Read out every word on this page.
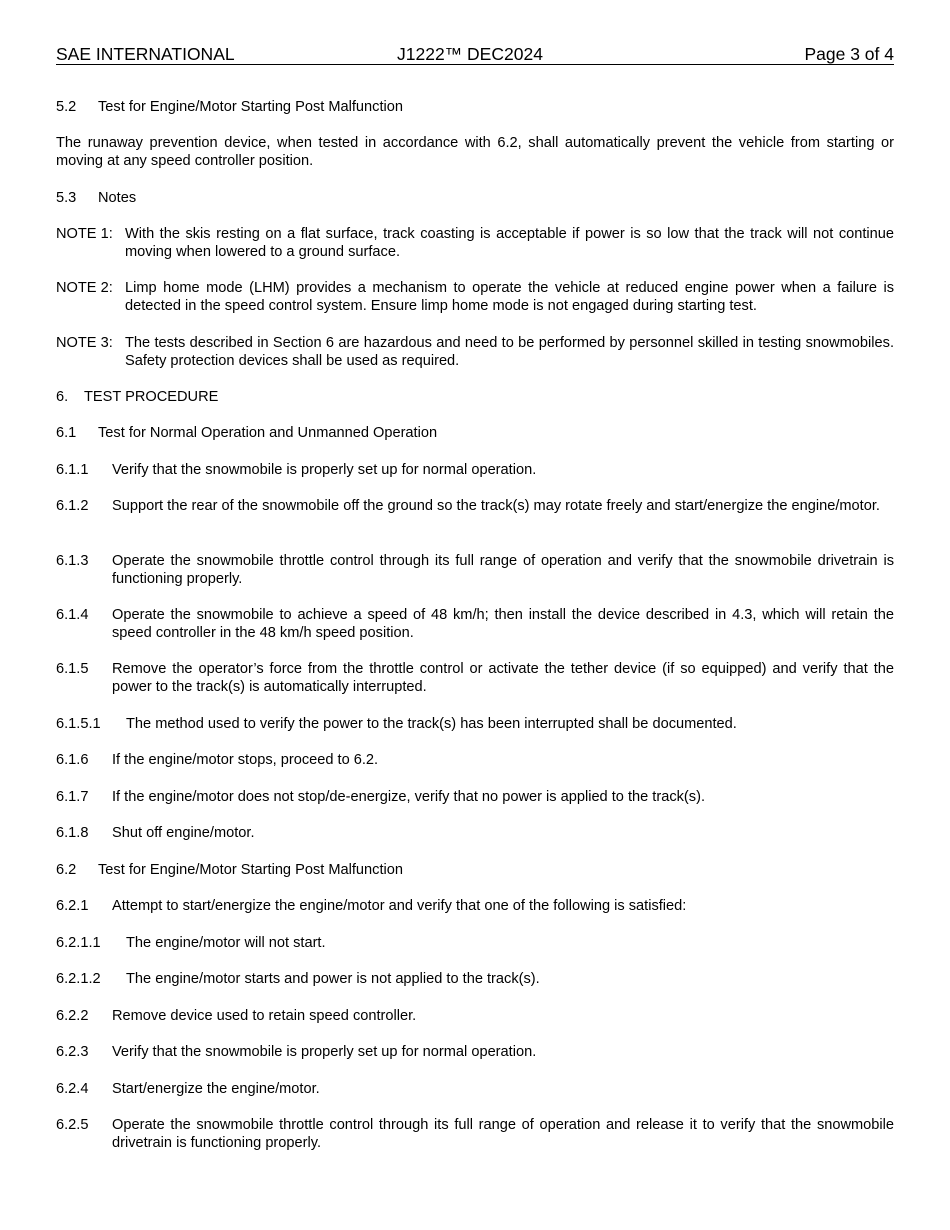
SAE INTERNATIONAL	J1222™ DEC2024	Page 3 of 4
5.2	Test for Engine/Motor Starting Post Malfunction
The runaway prevention device, when tested in accordance with 6.2, shall automatically prevent the vehicle from starting or moving at any speed controller position.
5.3	Notes
NOTE 1: With the skis resting on a flat surface, track coasting is acceptable if power is so low that the track will not continue moving when lowered to a ground surface.
NOTE 2: Limp home mode (LHM) provides a mechanism to operate the vehicle at reduced engine power when a failure is detected in the speed control system. Ensure limp home mode is not engaged during starting test.
NOTE 3: The tests described in Section 6 are hazardous and need to be performed by personnel skilled in testing snowmobiles. Safety protection devices shall be used as required.
6.	TEST PROCEDURE
6.1	Test for Normal Operation and Unmanned Operation
6.1.1	Verify that the snowmobile is properly set up for normal operation.
6.1.2	Support the rear of the snowmobile off the ground so the track(s) may rotate freely and start/energize the engine/motor.
6.1.3	Operate the snowmobile throttle control through its full range of operation and verify that the snowmobile drivetrain is functioning properly.
6.1.4	Operate the snowmobile to achieve a speed of 48 km/h; then install the device described in 4.3, which will retain the speed controller in the 48 km/h speed position.
6.1.5	Remove the operator’s force from the throttle control or activate the tether device (if so equipped) and verify that the power to the track(s) is automatically interrupted.
6.1.5.1	The method used to verify the power to the track(s) has been interrupted shall be documented.
6.1.6	If the engine/motor stops, proceed to 6.2.
6.1.7	If the engine/motor does not stop/de-energize, verify that no power is applied to the track(s).
6.1.8	Shut off engine/motor.
6.2	Test for Engine/Motor Starting Post Malfunction
6.2.1	Attempt to start/energize the engine/motor and verify that one of the following is satisfied:
6.2.1.1	The engine/motor will not start.
6.2.1.2	The engine/motor starts and power is not applied to the track(s).
6.2.2	Remove device used to retain speed controller.
6.2.3	Verify that the snowmobile is properly set up for normal operation.
6.2.4	Start/energize the engine/motor.
6.2.5	Operate the snowmobile throttle control through its full range of operation and release it to verify that the snowmobile drivetrain is functioning properly.
